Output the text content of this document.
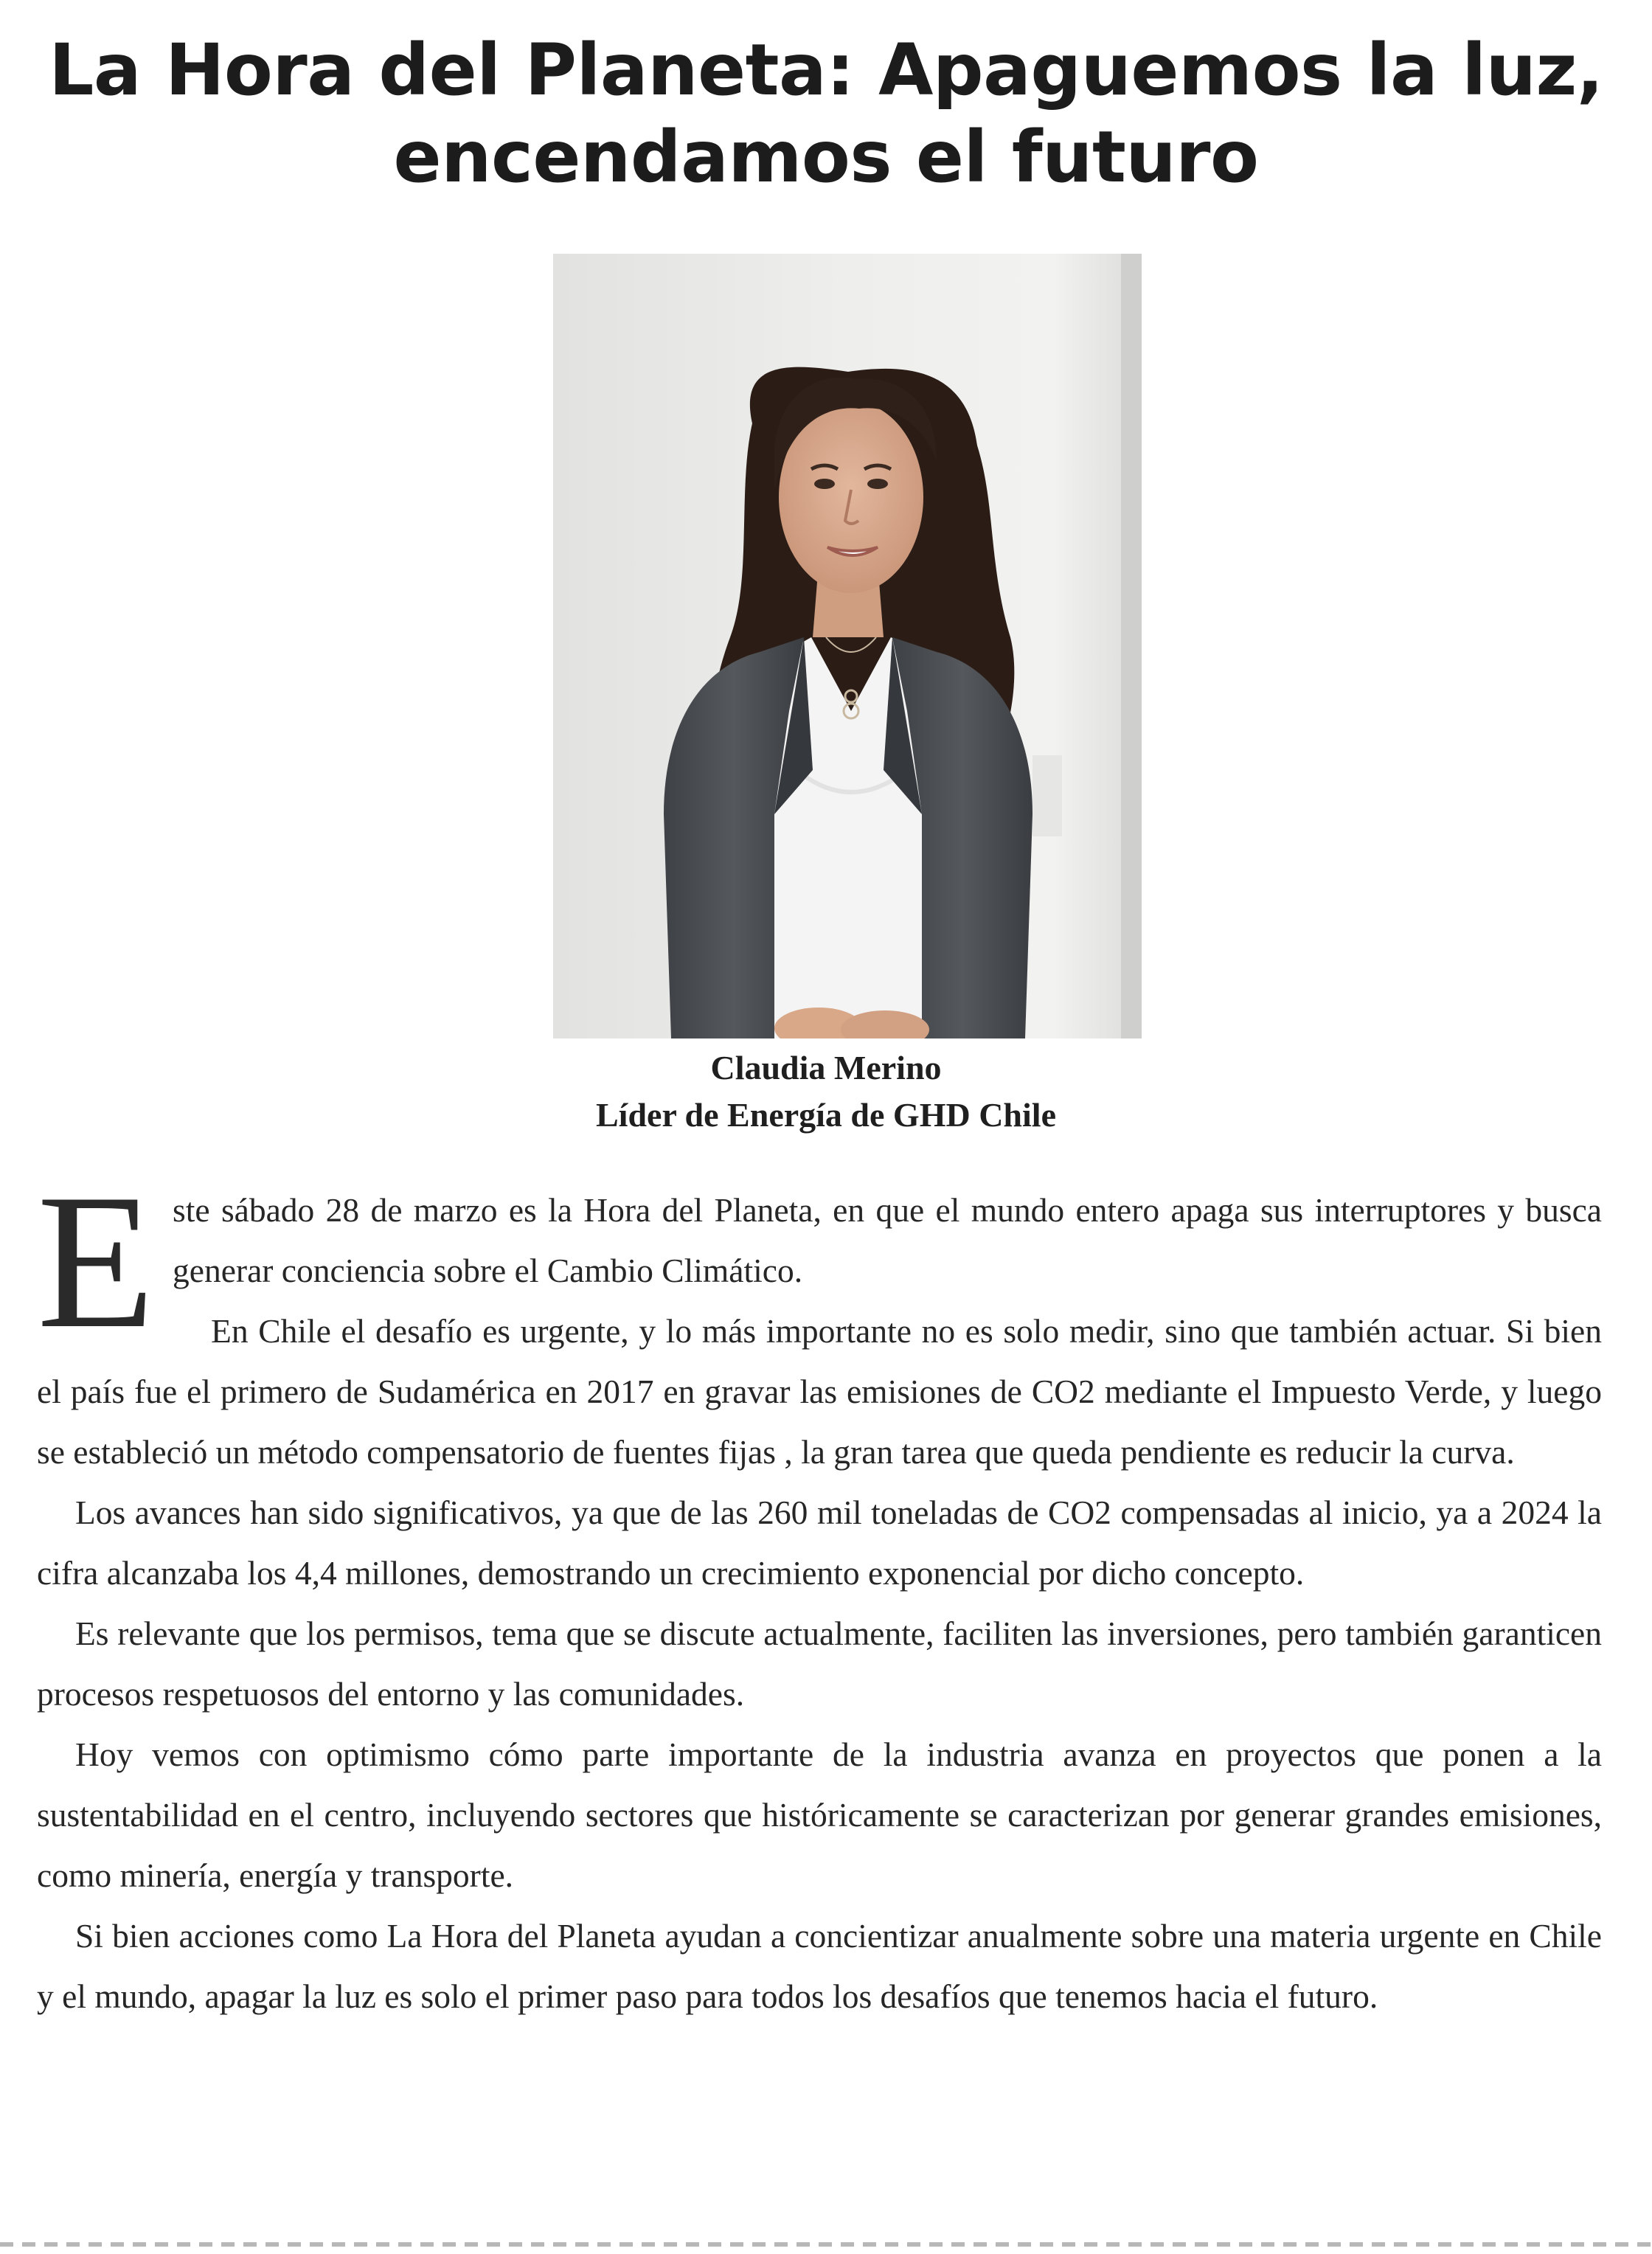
La Hora del Planeta: Apaguemos la luz,
encendamos el futuro
Claudia Merino
Líder de Energía de GHD Chile
E ste sábado 28 de marzo es la Hora del Planeta, en que el mundo entero apaga sus interruptores y busca generar conciencia sobre el Cambio Climático.

En Chile el desafío es urgente, y lo más importante no es solo medir, sino que también actuar. Si bien el país fue el primero de Sudamérica en 2017 en gravar las emisiones de CO2 mediante el Impuesto Verde, y luego se estableció un método compensatorio de fuentes fijas , la gran tarea que queda pendiente es reducir la curva.

Los avances han sido significativos, ya que de las 260 mil toneladas de CO2 compensadas al inicio, ya a 2024 la cifra alcanzaba los 4,4 millones, demostrando un crecimiento exponencial por dicho concepto.

Es relevante que los permisos, tema que se discute actualmente, faciliten las inversiones, pero también garanticen procesos respetuosos del entorno y las comunidades.

Hoy vemos con optimismo cómo parte importante de la industria avanza en proyectos que ponen a la sustentabilidad en el centro, incluyendo sectores que históricamente se caracterizan por generar grandes emisiones, como minería, energía y transporte.

Si bien acciones como La Hora del Planeta ayudan a concientizar anualmente sobre una materia urgente en Chile y el mundo, apagar la luz es solo el primer paso para todos los desafíos que tenemos hacia el futuro.
